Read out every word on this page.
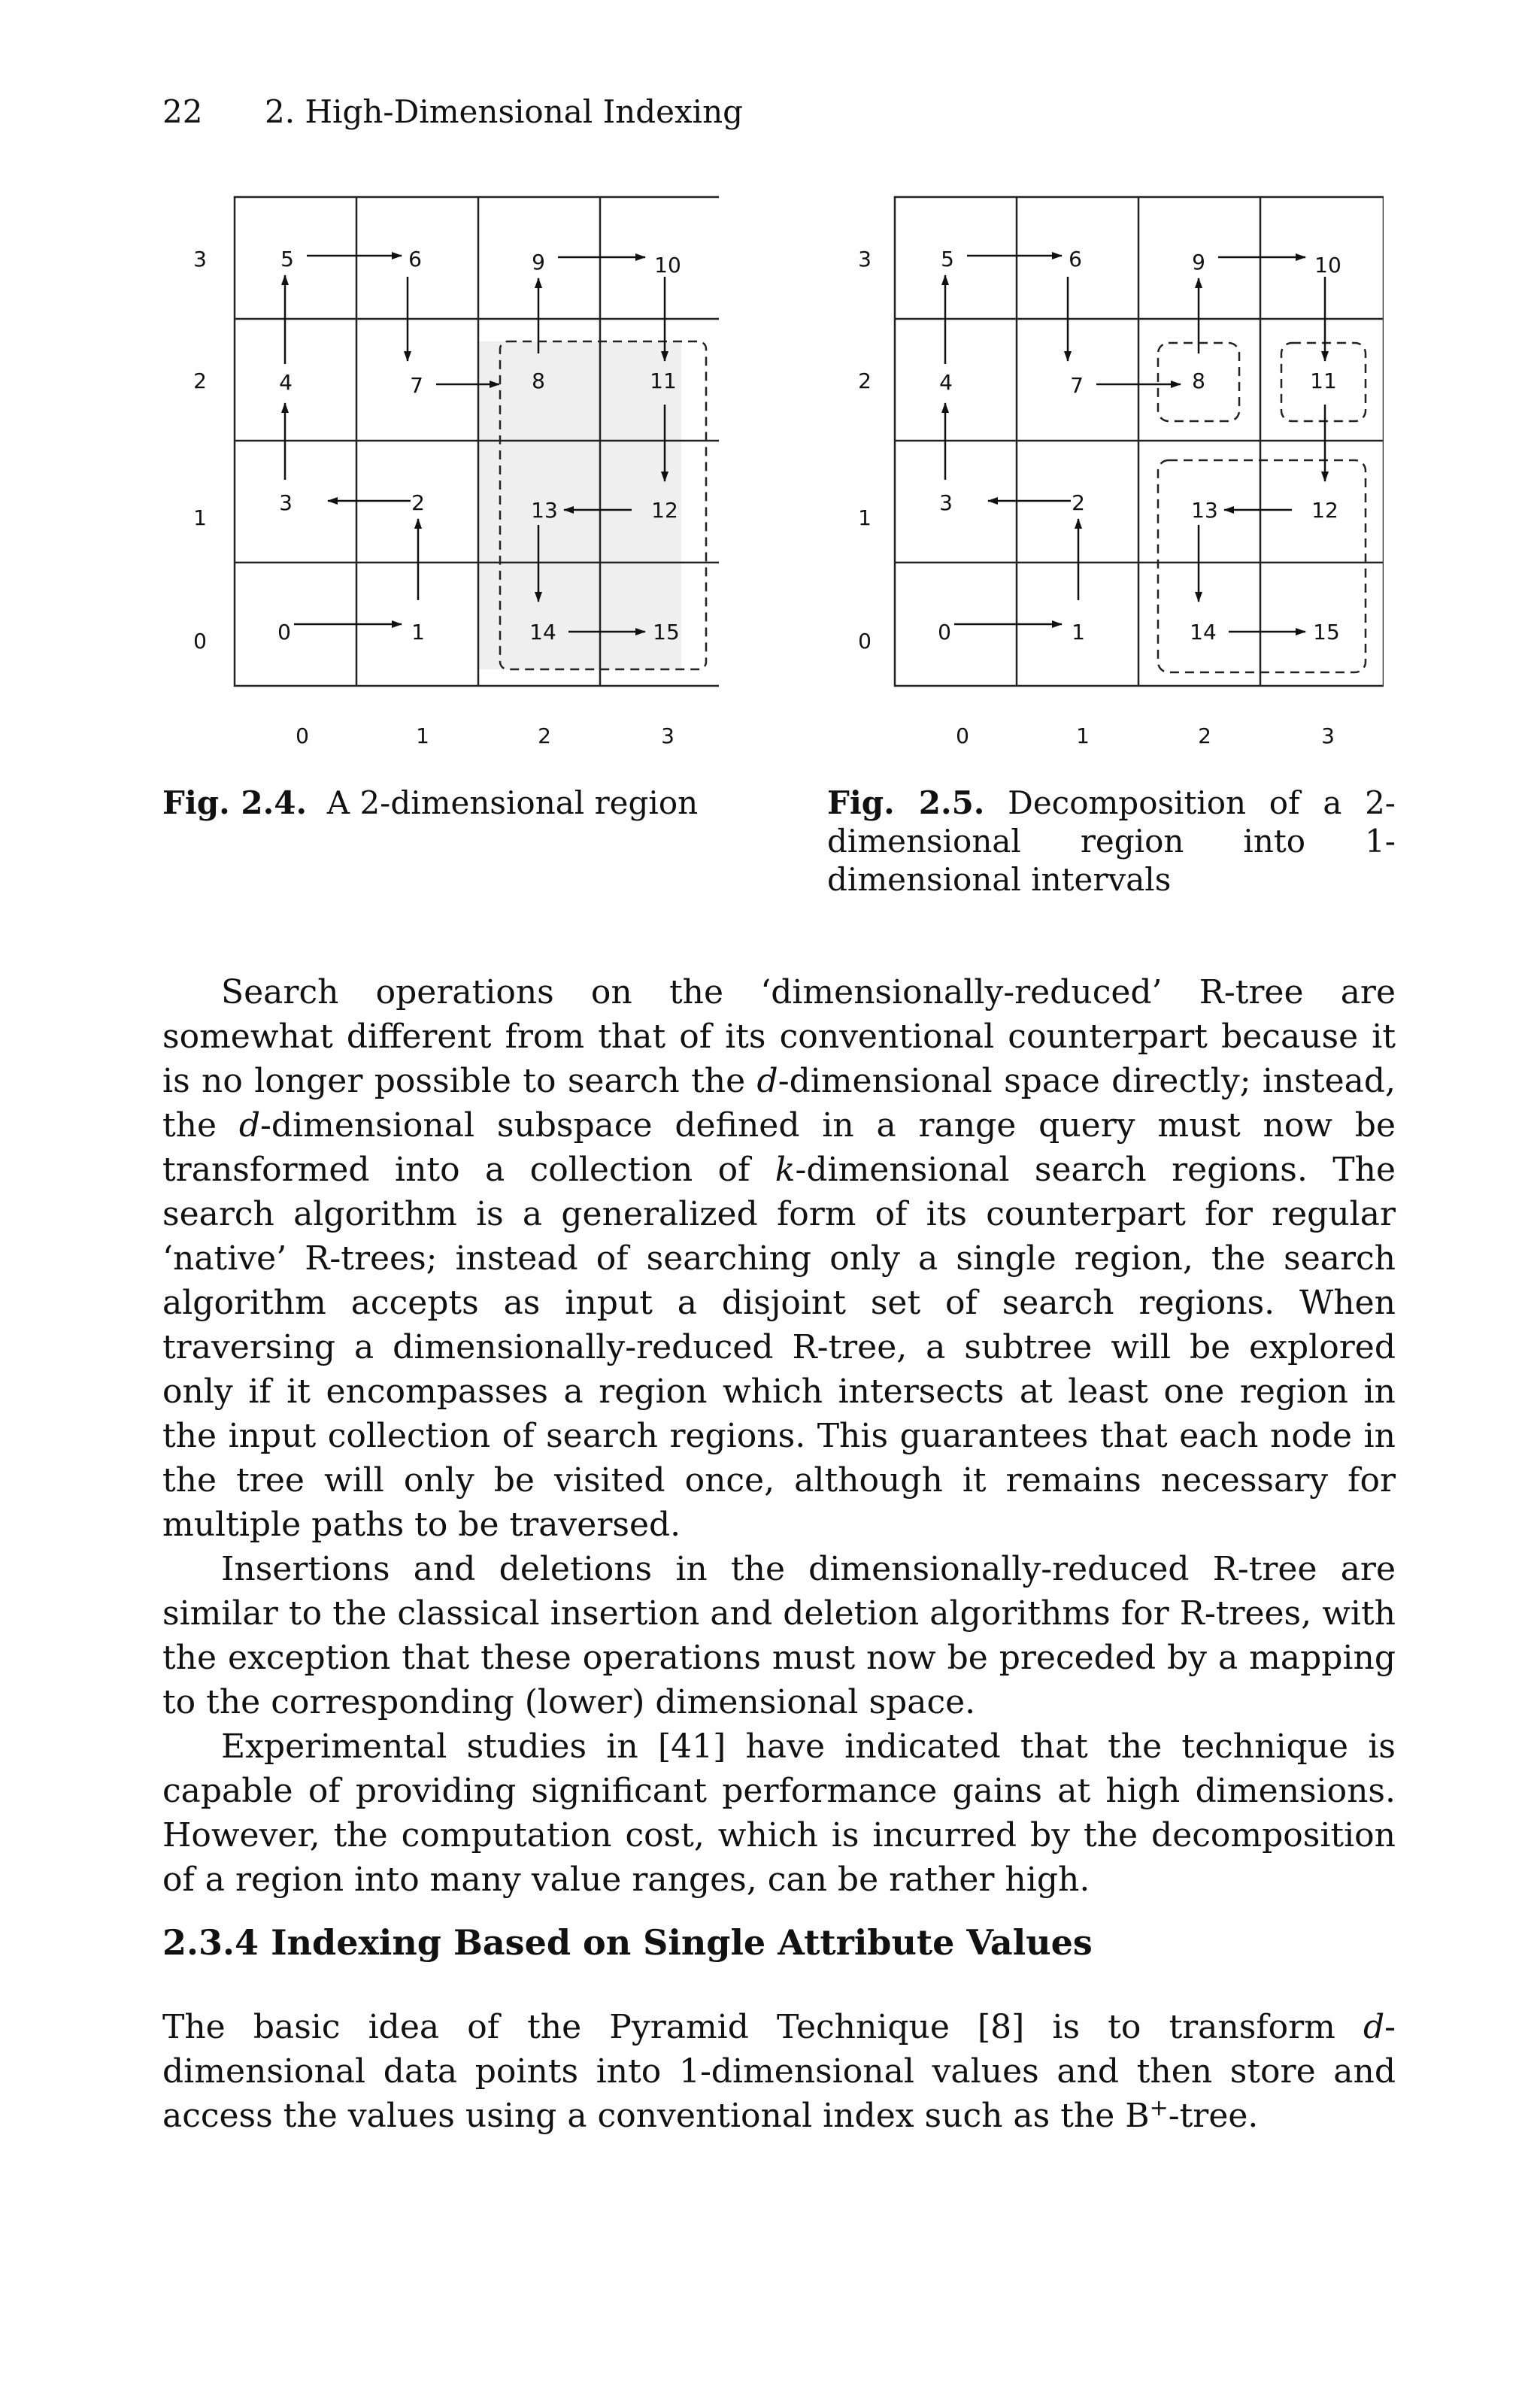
22 2. High-Dimensional Indexing
0	1
2
3
4
5	6
7	8
9	10
11
12
13
14	15
3
2
1
0
0	1	2	3
0	1
2
3
4
5	6
7	8
9	10
11
12
13
14	15
3
2
1
0
0	1	2	3
Fig. 2.4. A 2-dimensional region	Fig. 2.5. Decomposition of a 2-
dimensional region into 1-dimensional intervals

Search operations on the ‘dimensionally-reduced’ R-tree are somewhat different from that of its conventional counterpart because it is no longer possible to search the d-dimensional space directly; instead, the d-dimensional subspace defined in a range query must now be transformed into a collection of k-dimensional search regions. The search algorithm is a generalized form of its counterpart for regular ‘native’ R-trees; instead of searching only a single region, the search algorithm accepts as input a disjoint set of search regions. When traversing a dimensionally-reduced R-tree, a subtree will be explored only if it encompasses a region which intersects at least one region in the input collection of search regions. This guarantees that each node in the tree will only be visited once, although it remains necessary for multiple paths to be traversed.

Insertions and deletions in the dimensionally-reduced R-tree are similar to the classical insertion and deletion algorithms for R-trees, with the exception that these operations must now be preceded by a mapping to the corresponding (lower) dimensional space.

Experimental studies in [41] have indicated that the technique is capable of providing significant performance gains at high dimensions. However, the computation cost, which is incurred by the decomposition of a region into many value ranges, can be rather high.

2.3.4 Indexing Based on Single Attribute Values

The basic idea of the Pyramid Technique [8] is to transform d-dimensional data points into 1-dimensional values and then store and access the values using a conventional index such as the B+-tree.
